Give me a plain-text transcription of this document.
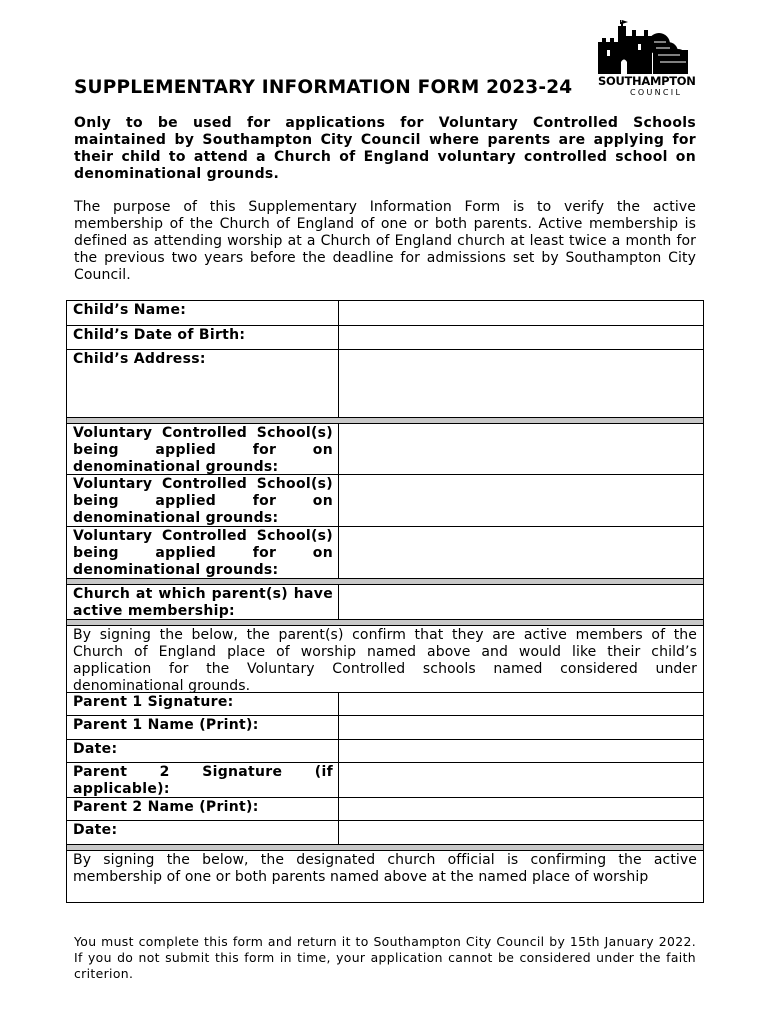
SOUTHAMPTON
COUNCIL
SUPPLEMENTARY INFORMATION FORM 2023-24
Only to be used for applications for Voluntary Controlled Schools maintained by Southampton City Council where parents are applying for their child to attend a Church of England voluntary controlled school on denominational grounds.
The purpose of this Supplementary Information Form is to verify the active membership of the Church of England of one or both parents. Active membership is defined as attending worship at a Church of England church at least twice a month for the previous two years before the deadline for admissions set by Southampton City Council.
Child’s Name:
Child’s Date of Birth:
Child’s Address:
Voluntary Controlled School(s) being applied for on denominational grounds:
Voluntary Controlled School(s) being applied for on denominational grounds:
Voluntary Controlled School(s) being applied for on denominational grounds:
Church at which parent(s) have active membership:
By signing the below, the parent(s) confirm that they are active members of the Church of England place of worship named above and would like their child’s application for the Voluntary Controlled schools named considered under denominational grounds.
Parent 1 Signature:
Parent 1 Name (Print):
Date:
Parent 2 Signature (if applicable):
Parent 2 Name (Print):
Date:
By signing the below, the designated church official is confirming the active membership of one or both parents named above at the named place of worship
You must complete this form and return it to Southampton City Council by 15th January 2022. If you do not submit this form in time, your application cannot be considered under the faith criterion.
